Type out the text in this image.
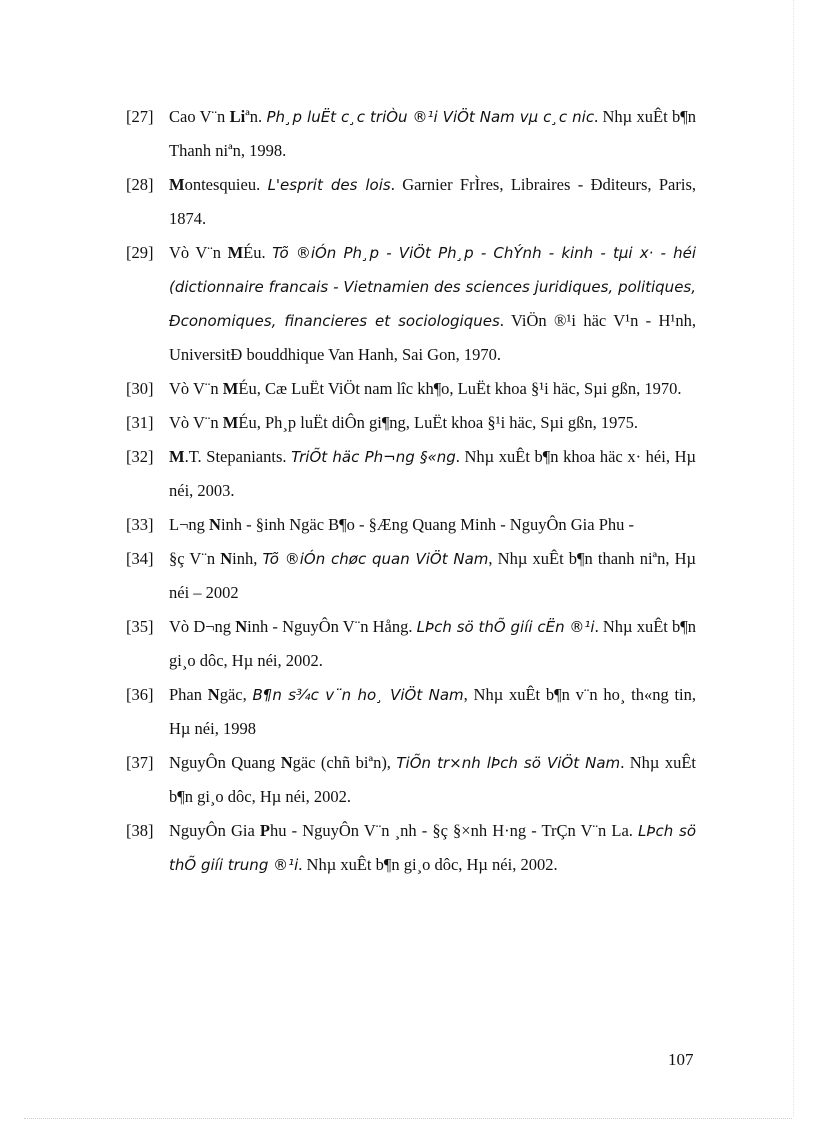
[27] Cao V¨n Liªn. Ph¸p luËt c¸c triÒu ®¹i ViÖt Nam vµ c¸c nic. Nhµ xuÊt b¶n Thanh niªn, 1998.
[28] Montesquieu. L'esprit des lois. Garnier FrÌres, Libraires - Ðditeurs, Paris, 1874.
[29] Vò V¨n MÉu. Tõ ®iÓn Ph¸p - ViÖt Ph¸p - ChÝnh - kinh - tµi x· - héi (dictionnaire francais - Vietnamien des sciences juridiques, politiques, Ðconomiques, financieres et sociologiques. ViÖn ®¹i häc V¹n - H¹nh, UniversitÐ bouddhique Van Hanh, Sai Gon, 1970.
[30] Vò V¨n MÉu, Cæ LuËt ViÖt nam lîc kh¶o, LuËt khoa §¹i häc, Sµi gßn, 1970.
[31] Vò V¨n MÉu, Ph¸p luËt diÔn gi¶ng, LuËt khoa §¹i häc, Sµi gßn, 1975.
[32] M.T. Stepaniants. TriÕt häc Ph¬ng §«ng. Nhµ xuÊt b¶n khoa häc x· héi, Hµ néi, 2003.
[33] L¬ng Ninh - §inh Ngäc B¶o - §Æng Quang Minh - NguyÔn Gia Phu -
[34] §ç V¨n Ninh, Tõ ®iÓn chøc quan ViÖt Nam, Nhµ xuÊt b¶n thanh niªn, Hµ néi – 2002
[35] Vò D¬ng Ninh - NguyÔn V¨n Hång. LÞch sö thÕ giíi cËn ®¹i. Nhµ xuÊt b¶n gi¸o dôc, Hµ néi, 2002.
[36] Phan Ngäc, B¶n s¾c v¨n ho¸ ViÖt Nam, Nhµ xuÊt b¶n v¨n ho¸ th«ng tin, Hµ néi, 1998
[37] NguyÔn Quang Ngäc (chñ biªn), TiÕn tr×nh lÞch sö ViÖt Nam. Nhµ xuÊt b¶n gi¸o dôc, Hµ néi, 2002.
[38] NguyÔn Gia Phu - NguyÔn V¨n ¸nh - §ç §×nh H·ng - TrÇn V¨n La. LÞch sö thÕ giíi trung ®¹i. Nhµ xuÊt b¶n gi¸o dôc, Hµ néi, 2002.
107
